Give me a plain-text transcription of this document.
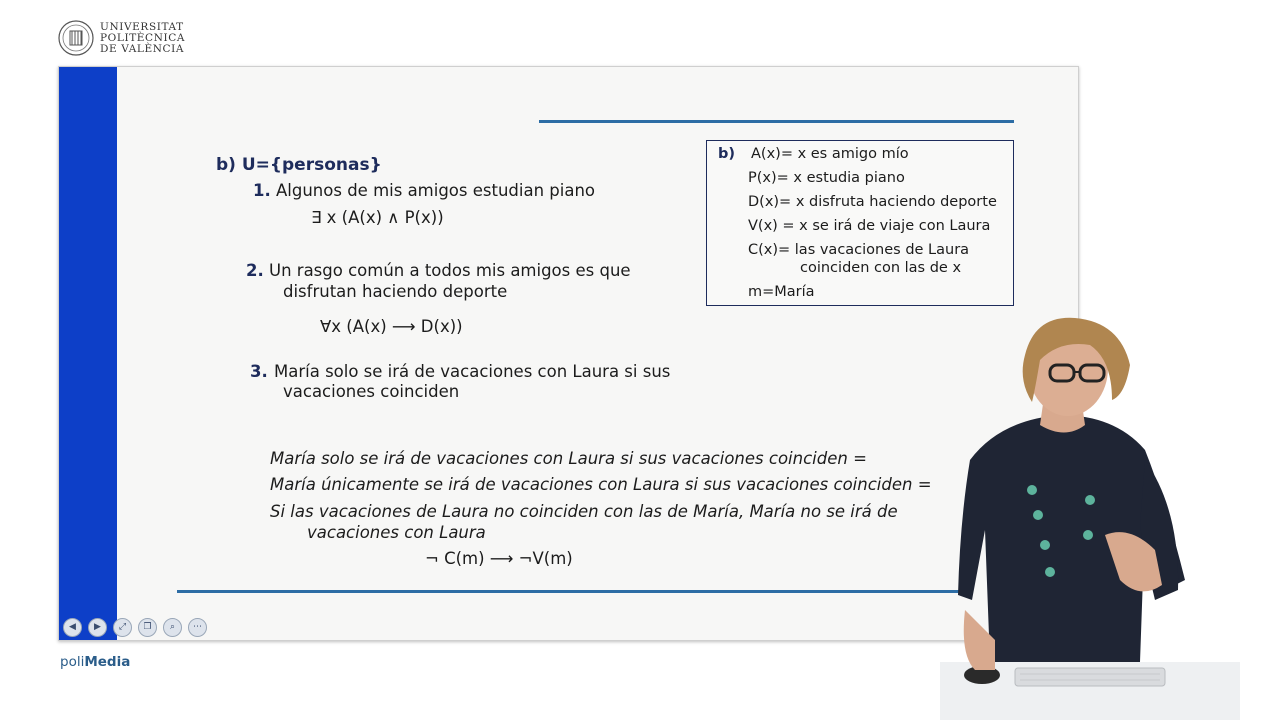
UNIVERSITAT
POLITÈCNICA
DE VALÈNCIA
b) U={personas}
1. Algunos de mis amigos estudian piano
∃ x (A(x) ∧ P(x))
2. Un rasgo común a todos mis amigos es que
disfrutan haciendo deporte
∀x (A(x) ⟶ D(x))
3. María solo se irá de vacaciones con Laura si sus
vacaciones coinciden
María solo se irá de vacaciones con Laura si sus vacaciones coinciden =
María únicamente se irá de vacaciones con Laura si sus vacaciones coinciden =
Si las vacaciones de Laura no coinciden con las de María, María no se irá de
vacaciones con Laura
¬ C(m) ⟶ ¬V(m)
b) A(x)= x es amigo mío
P(x)= x estudia piano
D(x)= x disfruta haciendo deporte
V(x) = x se irá de viaje con Laura
C(x)= las vacaciones de Laura
coinciden con las de x
m=María
◀	▶	⤢	❐	⌕	⋯
poliMedia
